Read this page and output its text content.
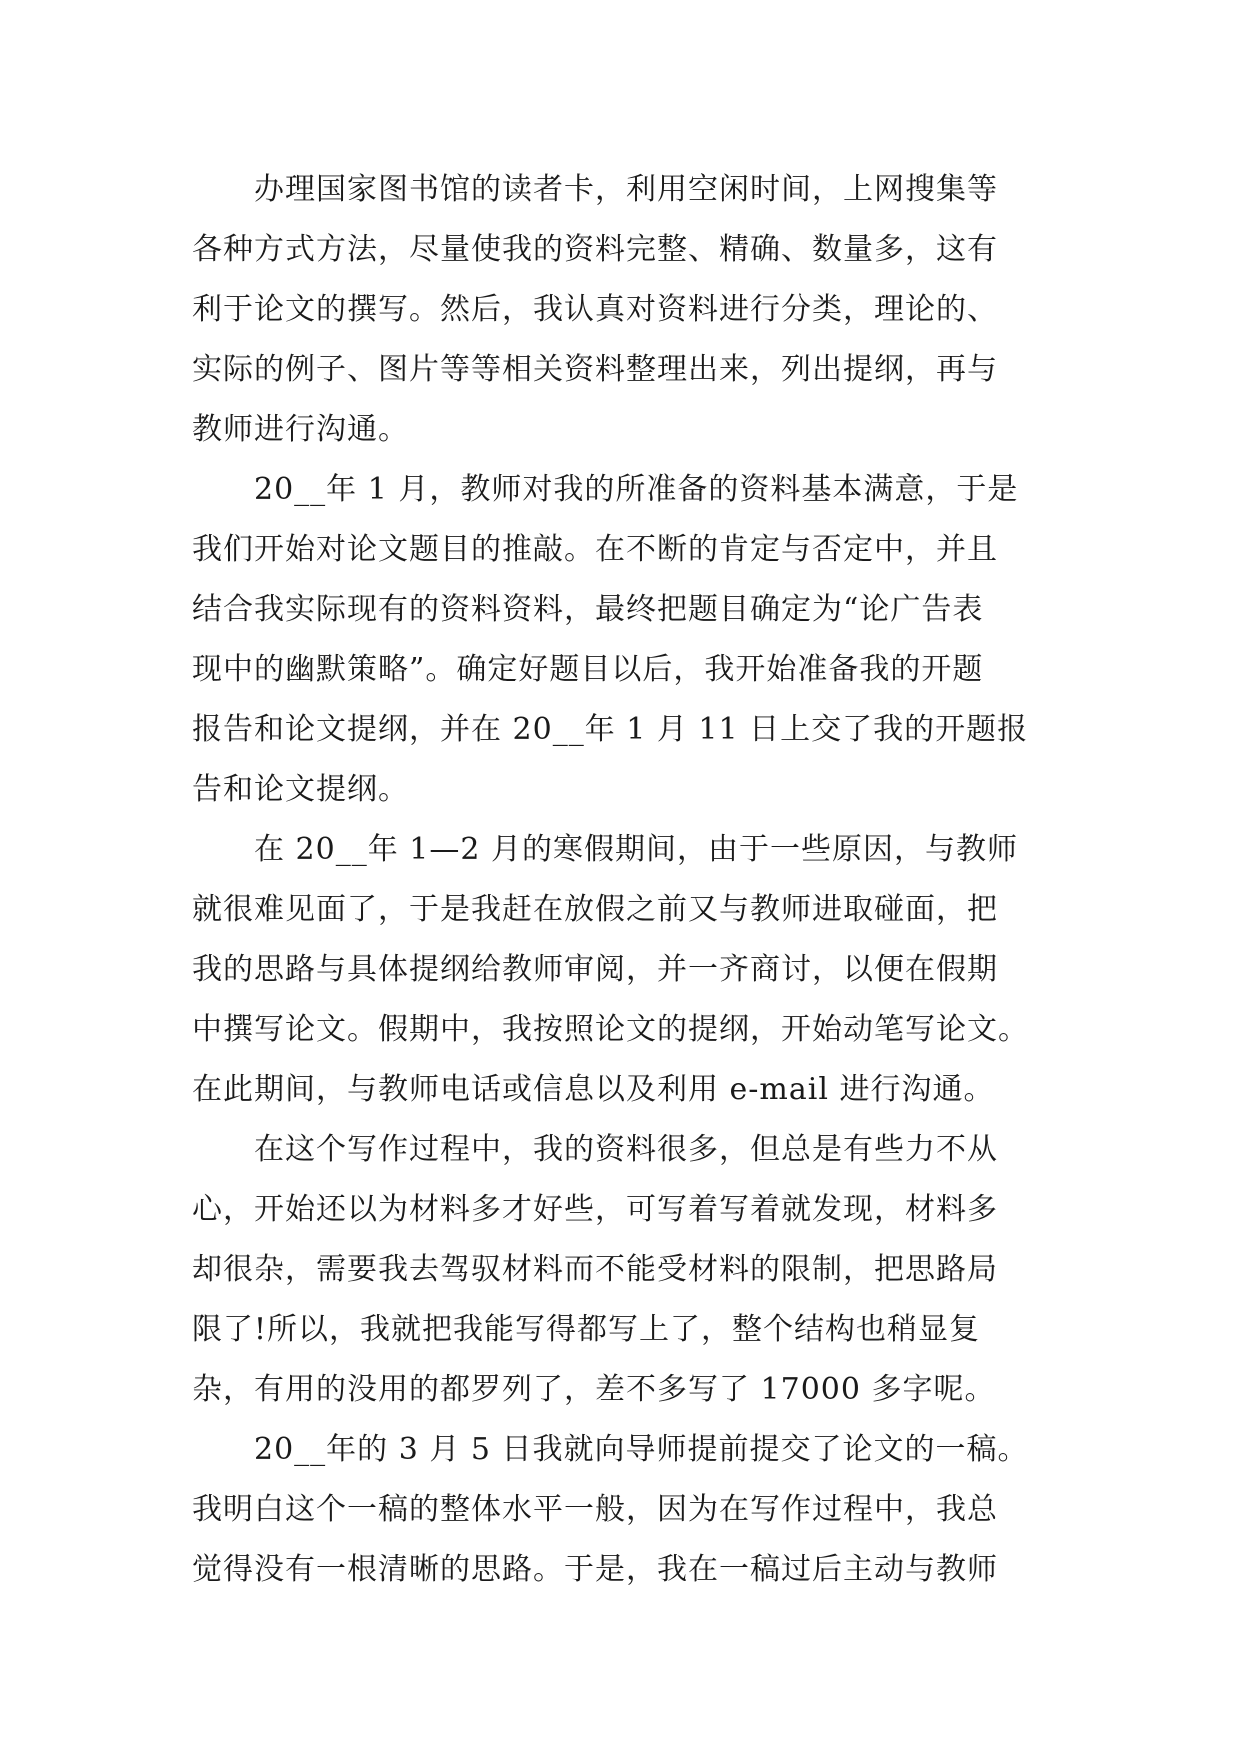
办理国家图书馆的读者卡，利用空闲时间，上网搜集等
各种方式方法，尽量使我的资料完整、精确、数量多，这有
利于论文的撰写。然后，我认真对资料进行分类，理论的、
实际的例子、图片等等相关资料整理出来，列出提纲，再与
教师进行沟通。
20__年 1 月，教师对我的所准备的资料基本满意，于是
我们开始对论文题目的推敲。在不断的肯定与否定中，并且
结合我实际现有的资料资料，最终把题目确定为“论广告表
现中的幽默策略”。确定好题目以后，我开始准备我的开题
报告和论文提纲，并在 20__年 1 月 11 日上交了我的开题报
告和论文提纲。
在 20__年 1—2 月的寒假期间，由于一些原因，与教师
就很难见面了，于是我赶在放假之前又与教师进取碰面，把
我的思路与具体提纲给教师审阅，并一齐商讨，以便在假期
中撰写论文。假期中，我按照论文的提纲，开始动笔写论文。
在此期间，与教师电话或信息以及利用 e-mail 进行沟通。
在这个写作过程中，我的资料很多，但总是有些力不从
心，开始还以为材料多才好些，可写着写着就发现，材料多
却很杂，需要我去驾驭材料而不能受材料的限制，把思路局
限了!所以，我就把我能写得都写上了，整个结构也稍显复
杂，有用的没用的都罗列了，差不多写了 17000 多字呢。
20__年的 3 月 5 日我就向导师提前提交了论文的一稿。
我明白这个一稿的整体水平一般，因为在写作过程中，我总
觉得没有一根清晰的思路。于是，我在一稿过后主动与教师
